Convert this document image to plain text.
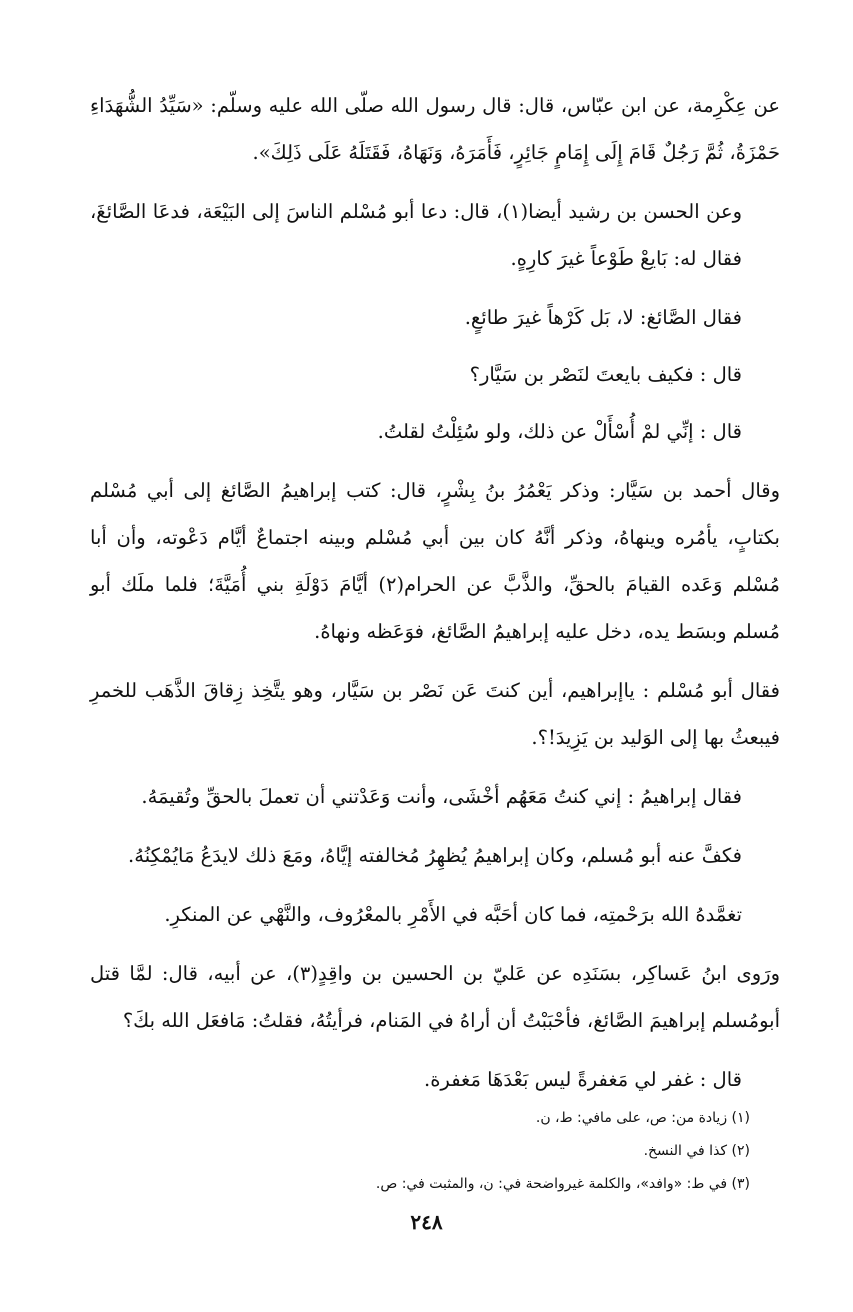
عن عِكْرِمة، عن ابن عبّاس، قال: قال رسول الله صلّى الله عليه وسلّم: «سَيِّدُ الشُّهَدَاءِ حَمْزَةُ، ثُمَّ رَجُلٌ قَامَ إِلَى إِمَامٍ جَائِرٍ، فَأَمَرَهُ، وَنَهَاهُ، فَقَتَلَهُ عَلَى ذَلِكَ».

وعن الحسن بن رشيد أيضا(١)، قال: دعا أبو مُسْلم الناسَ إلى البَيْعَة، فدعَا الصَّائغَ، فقال له: بَايعْ طَوْعاً غيرَ كارِهٍ.

فقال الصَّائغ: لا، بَل كَرْهاً غيرَ طائعٍ.

قال : فكيف بايعتَ لنَصْر بن سَيَّار؟

قال : إنِّي لمْ أُسْأَلْ عن ذلك، ولو سُئِلْتُ لقلتُ.

وقال أحمد بن سَيَّار: وذكر يَعْمُرُ بنُ بِشْرٍ، قال: كتب إبراهيمُ الصَّائغ إلى أبي مُسْلم بكتابٍ، يأمُره وينهاهُ، وذكر أنَّهُ كان بين أبي مُسْلم وبينه اجتماعٌ أيَّام دَعْوته، وأن أبا مُسْلم وَعَده القيامَ بالحقِّ، والذَّبَّ عن الحرام(٢) أيَّامَ دَوْلَةِ بني أُمَيَّةَ؛ فلما ملَك أبو مُسلم وبسَط يده، دخل عليه إبراهيمُ الصَّائغ، فوَعَظه ونهاهُ.

فقال أبو مُسْلم : ياإبراهيم، أين كنتَ عَن نَصْر بن سَيَّار، وهو يتَّخِذ زِقاقَ الذَّهَب للخمرِ فيبعثُ بها إلى الوَليد بن يَزِيدَ!؟.

فقال إبراهيمُ : إني كنتُ مَعَهُم أخْشَى، وأنت وَعَدْتني أن تعملَ بالحقِّ وتُقيمَهُ.

فكفَّ عنه أبو مُسلم، وكان إبراهيمُ يُظهِرُ مُخالفته إيَّاهُ، ومَعَ ذلك لايدَعُ مَايُمْكِنُهُ.

تغمَّدهُ الله برَحْمتِه، فما كان أحَبَّه في الأَمْرِ بالمعْرُوف، والنَّهْي عن المنكرِ.

ورَوى ابنُ عَساكِر، بسَنَدِه عن عَليّ بن الحسين بن واقِدٍ(٣)، عن أبيه، قال: لمَّا قتل أبومُسلم إبراهيمَ الصَّائغ، فأحْبَبْتُ أن أراهُ في المَنام، فرأيتُهُ، فقلتُ: مَافعَل الله بكَ؟

قال : غفر لي مَغفرةً ليس بَعْدَهَا مَغفرة.

(١) زيادة من: ص، على مافي: ط، ن.

(٢) كذا في النسخ.

(٣) في ط: «وافد»، والكلمة غيرواضحة في: ن، والمثبت في: ص.

٢٤٨
